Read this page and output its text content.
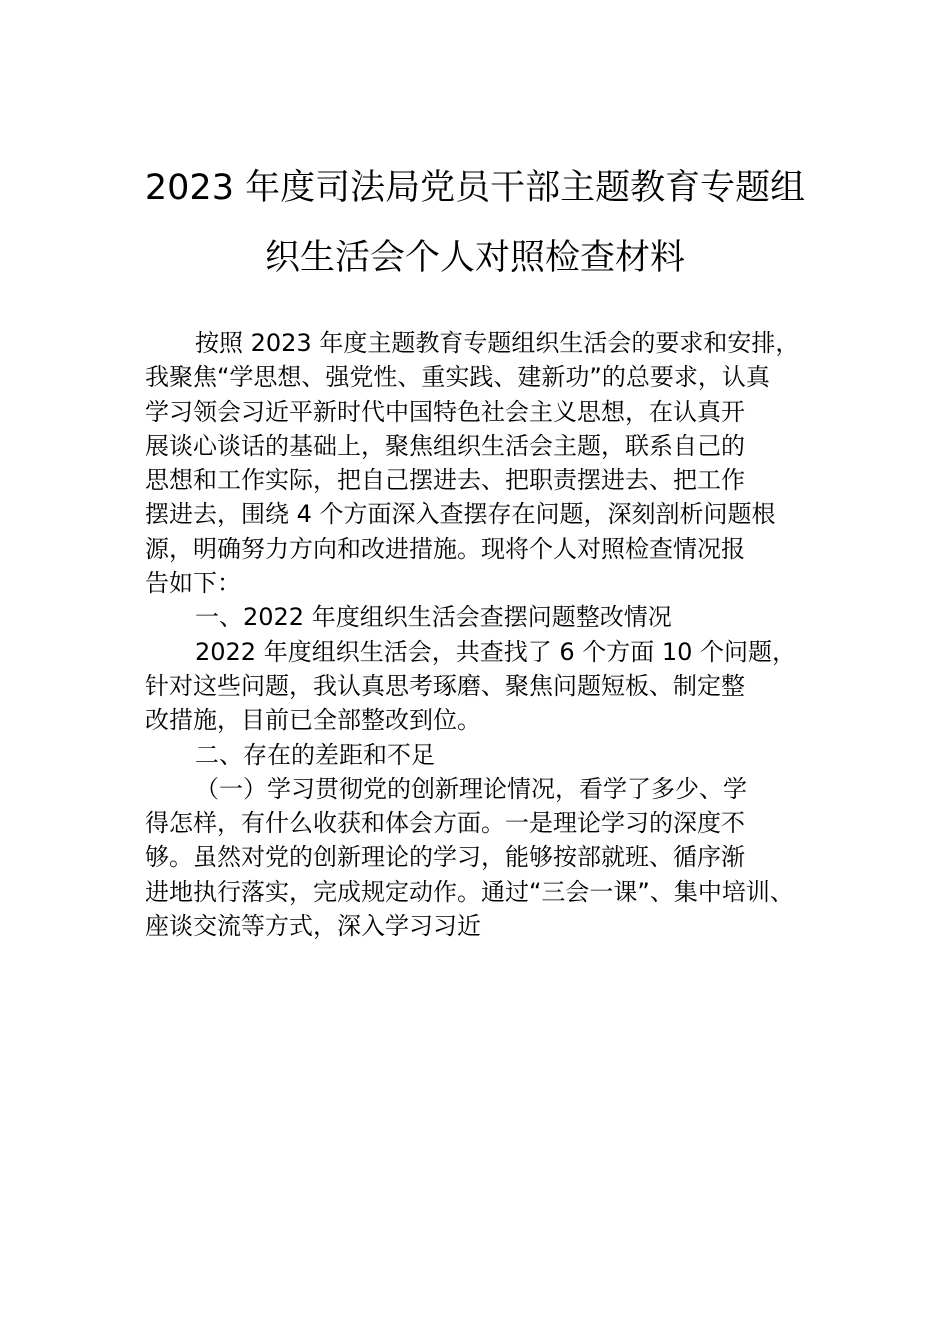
2023 年度司法局党员干部主题教育专题组
织生活会个人对照检查材料
按照 2023 年度主题教育专题组织生活会的要求和安排，
我聚焦“学思想、强党性、重实践、建新功”的总要求，认真
学习领会习近平新时代中国特色社会主义思想，在认真开
展谈心谈话的基础上，聚焦组织生活会主题，联系自己的
思想和工作实际，把自己摆进去、把职责摆进去、把工作
摆进去，围绕 4 个方面深入查摆存在问题，深刻剖析问题根
源，明确努力方向和改进措施。现将个人对照检查情况报
告如下：
一、2022 年度组织生活会查摆问题整改情况
2022 年度组织生活会，共查找了 6 个方面 10 个问题，
针对这些问题，我认真思考琢磨、聚焦问题短板、制定整
改措施，目前已全部整改到位。
二、存在的差距和不足
（一）学习贯彻党的创新理论情况，看学了多少、学
得怎样，有什么收获和体会方面。一是理论学习的深度不
够。虽然对党的创新理论的学习，能够按部就班、循序渐
进地执行落实，完成规定动作。通过“三会一课”、集中培训、
座谈交流等方式，深入学习习近
